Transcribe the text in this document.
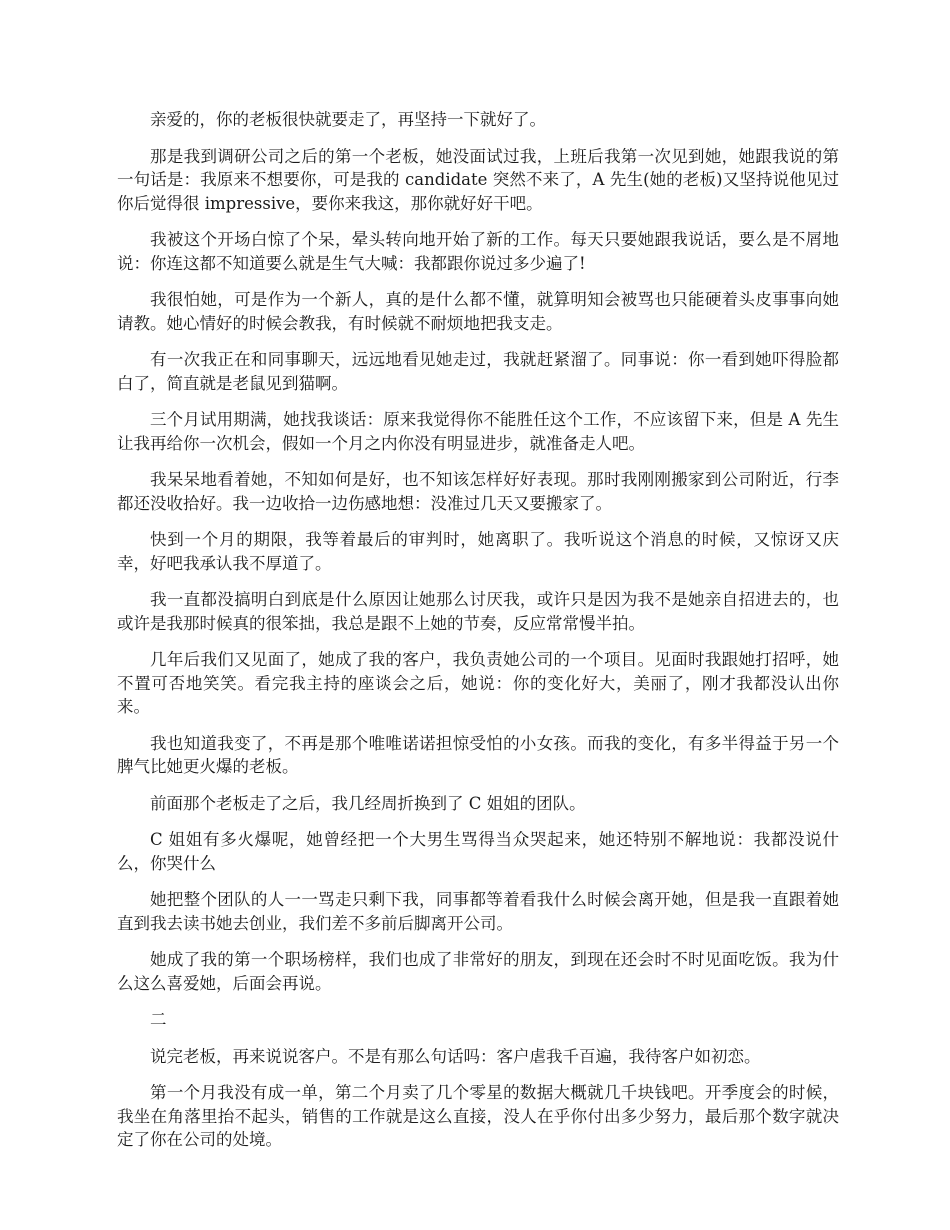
亲爱的，你的老板很快就要走了，再坚持一下就好了。

那是我到调研公司之后的第一个老板，她没面试过我，上班后我第一次见到她，她跟我说的第一句话是：我原来不想要你，可是我的 candidate 突然不来了，A 先生(她的老板)又坚持说他见过你后觉得很 impressive，要你来我这，那你就好好干吧。

我被这个开场白惊了个呆，晕头转向地开始了新的工作。每天只要她跟我说话，要么是不屑地说：你连这都不知道要么就是生气大喊：我都跟你说过多少遍了!

我很怕她，可是作为一个新人，真的是什么都不懂，就算明知会被骂也只能硬着头皮事事向她请教。她心情好的时候会教我，有时候就不耐烦地把我支走。

有一次我正在和同事聊天，远远地看见她走过，我就赶紧溜了。同事说：你一看到她吓得脸都白了，简直就是老鼠见到猫啊。

三个月试用期满，她找我谈话：原来我觉得你不能胜任这个工作，不应该留下来，但是 A 先生让我再给你一次机会，假如一个月之内你没有明显进步，就准备走人吧。

我呆呆地看着她，不知如何是好，也不知该怎样好好表现。那时我刚刚搬家到公司附近，行李都还没收拾好。我一边收拾一边伤感地想：没准过几天又要搬家了。

快到一个月的期限，我等着最后的审判时，她离职了。我听说这个消息的时候，又惊讶又庆幸，好吧我承认我不厚道了。

我一直都没搞明白到底是什么原因让她那么讨厌我，或许只是因为我不是她亲自招进去的，也或许是我那时候真的很笨拙，我总是跟不上她的节奏，反应常常慢半拍。

几年后我们又见面了，她成了我的客户，我负责她公司的一个项目。见面时我跟她打招呼，她不置可否地笑笑。看完我主持的座谈会之后，她说：你的变化好大，美丽了，刚才我都没认出你来。

我也知道我变了，不再是那个唯唯诺诺担惊受怕的小女孩。而我的变化，有多半得益于另一个脾气比她更火爆的老板。

前面那个老板走了之后，我几经周折换到了 C 姐姐的团队。

C 姐姐有多火爆呢，她曾经把一个大男生骂得当众哭起来，她还特别不解地说：我都没说什么，你哭什么

她把整个团队的人一一骂走只剩下我，同事都等着看我什么时候会离开她，但是我一直跟着她直到我去读书她去创业，我们差不多前后脚离开公司。

她成了我的第一个职场榜样，我们也成了非常好的朋友，到现在还会时不时见面吃饭。我为什么这么喜爱她，后面会再说。

二

说完老板，再来说说客户。不是有那么句话吗：客户虐我千百遍，我待客户如初恋。

第一个月我没有成一单，第二个月卖了几个零星的数据大概就几千块钱吧。开季度会的时候，我坐在角落里抬不起头，销售的工作就是这么直接，没人在乎你付出多少努力，最后那个数字就决定了你在公司的处境。
